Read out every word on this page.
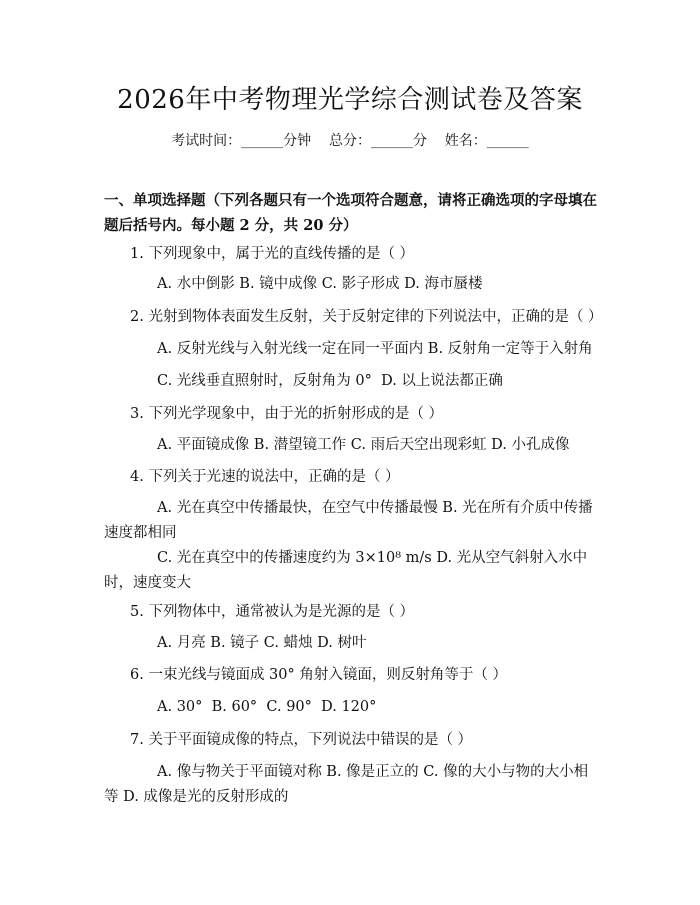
2026年中考物理光学综合测试卷及答案
考试时间：______分钟    总分：______分    姓名：______
一、单项选择题（下列各题只有一个选项符合题意，请将正确选项的字母填在题后括号内。每小题 2 分，共 20 分）
1. 下列现象中，属于光的直线传播的是（ ）
A. 水中倒影 B. 镜中成像 C. 影子形成 D. 海市蜃楼
2. 光射到物体表面发生反射，关于反射定律的下列说法中，正确的是（ ）
A. 反射光线与入射光线一定在同一平面内 B. 反射角一定等于入射角
C. 光线垂直照射时，反射角为 0°  D. 以上说法都正确
3. 下列光学现象中，由于光的折射形成的是（ ）
A. 平面镜成像 B. 潜望镜工作 C. 雨后天空出现彩虹 D. 小孔成像
4. 下列关于光速的说法中，正确的是（ ）
A. 光在真空中传播最快，在空气中传播最慢 B. 光在所有介质中传播速度都相同
C. 光在真空中的传播速度约为 3×10⁸ m/s D. 光从空气斜射入水中时，速度变大
5. 下列物体中，通常被认为是光源的是（ ）
A. 月亮 B. 镜子 C. 蜡烛 D. 树叶
6. 一束光线与镜面成 30° 角射入镜面，则反射角等于（ ）
A. 30°  B. 60°  C. 90°  D. 120°
7. 关于平面镜成像的特点，下列说法中错误的是（ ）
A. 像与物关于平面镜对称 B. 像是正立的 C. 像的大小与物的大小相等 D. 成像是光的反射形成的
